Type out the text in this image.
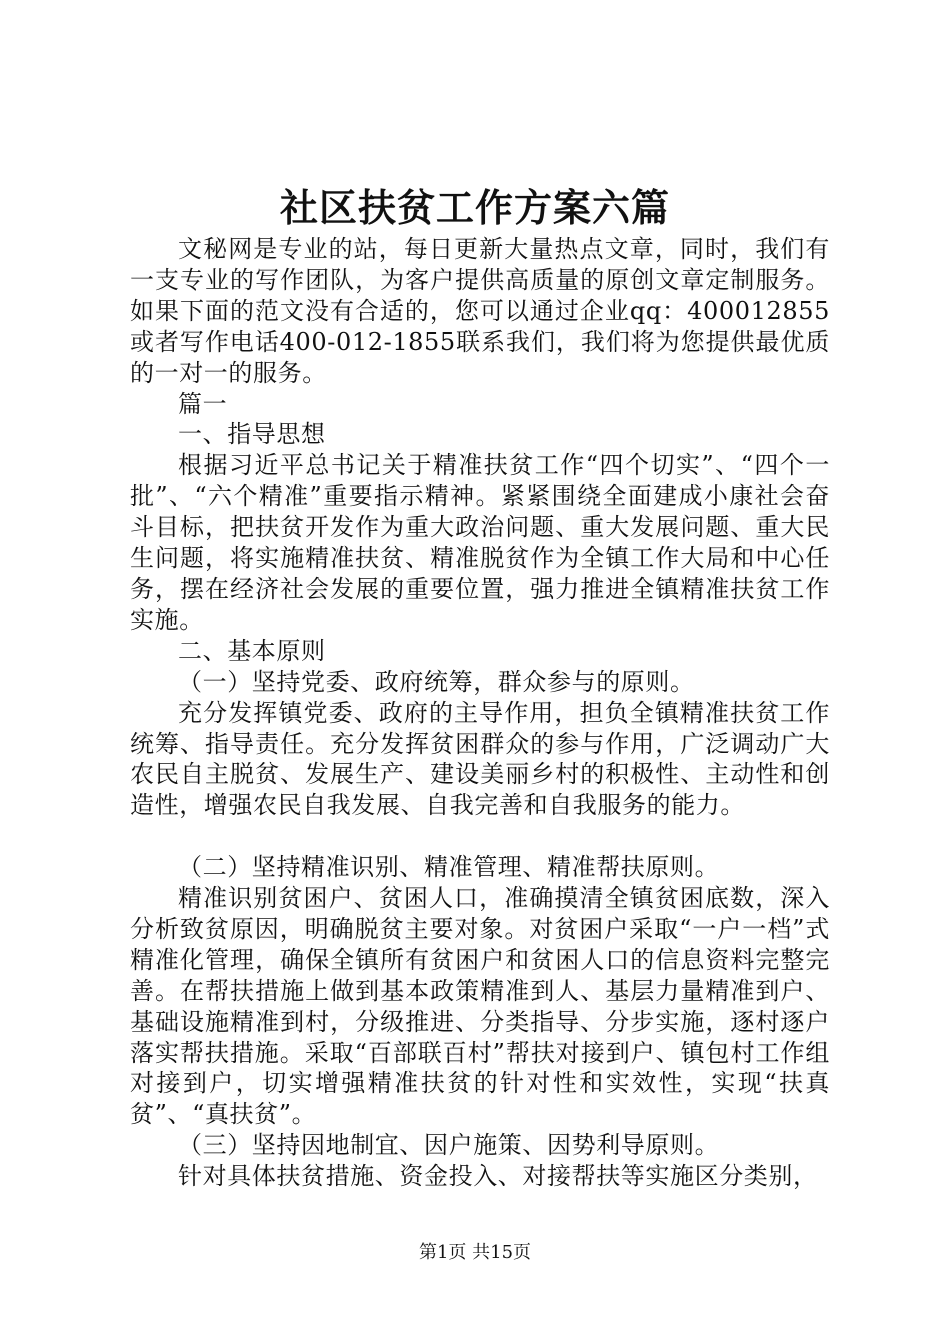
社区扶贫工作方案六篇

文秘网是专业的站，每日更新大量热点文章，同时，我们有一支专业的写作团队，为客户提供高质量的原创文章定制服务。如果下面的范文没有合适的，您可以通过企业qq：400012855或者写作电话400-012-1855联系我们，我们将为您提供最优质的一对一的服务。

篇一

一、指导思想

根据习近平总书记关于精准扶贫工作“四个切实”、“四个一批”、“六个精准”重要指示精神。紧紧围绕全面建成小康社会奋斗目标，把扶贫开发作为重大政治问题、重大发展问题、重大民生问题，将实施精准扶贫、精准脱贫作为全镇工作大局和中心任务，摆在经济社会发展的重要位置，强力推进全镇精准扶贫工作实施。

二、基本原则

（一）坚持党委、政府统筹，群众参与的原则。

充分发挥镇党委、政府的主导作用，担负全镇精准扶贫工作统筹、指导责任。充分发挥贫困群众的参与作用，广泛调动广大农民自主脱贫、发展生产、建设美丽乡村的积极性、主动性和创造性，增强农民自我发展、自我完善和自我服务的能力。

（二）坚持精准识别、精准管理、精准帮扶原则。

精准识别贫困户、贫困人口，准确摸清全镇贫困底数，深入分析致贫原因，明确脱贫主要对象。对贫困户采取“一户一档”式精准化管理，确保全镇所有贫困户和贫困人口的信息资料完整完善。在帮扶措施上做到基本政策精准到人、基层力量精准到户、基础设施精准到村，分级推进、分类指导、分步实施，逐村逐户落实帮扶措施。采取“百部联百村”帮扶对接到户、镇包村工作组对接到户，切实增强精准扶贫的针对性和实效性，实现“扶真贫”、“真扶贫”。

（三）坚持因地制宜、因户施策、因势利导原则。

针对具体扶贫措施、资金投入、对接帮扶等实施区分类别，

第1页 共15页
